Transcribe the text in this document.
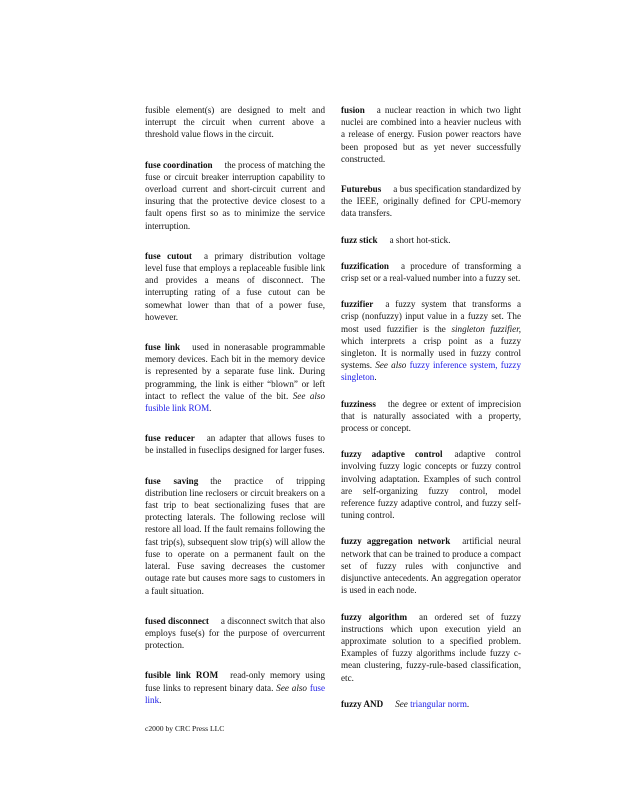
fusible element(s) are designed to melt and interrupt the circuit when current above a threshold value flows in the circuit.

fuse coordination the process of matching the fuse or circuit breaker interruption capability to overload current and short-circuit current and insuring that the protective device closest to a fault opens first so as to minimize the service interruption.

fuse cutout a primary distribution voltage level fuse that employs a replaceable fusible link and provides a means of disconnect. The interrupting rating of a fuse cutout can be somewhat lower than that of a power fuse, however.

fuse link used in nonerasable programmable memory devices. Each bit in the memory device is represented by a separate fuse link. During programming, the link is either “blown” or left intact to reflect the value of the bit. See also fusible link ROM.

fuse reducer an adapter that allows fuses to be installed in fuseclips designed for larger fuses.

fuse saving the practice of tripping distribution line reclosers or circuit breakers on a fast trip to beat sectionalizing fuses that are protecting laterals. The following reclose will restore all load. If the fault remains following the fast trip(s), subsequent slow trip(s) will allow the fuse to operate on a permanent fault on the lateral. Fuse saving decreases the customer outage rate but causes more sags to customers in a fault situation.

fused disconnect a disconnect switch that also employs fuse(s) for the purpose of overcurrent protection.

fusible link ROM read-only memory using fuse links to represent binary data. See also fuse link.

fusion a nuclear reaction in which two light nuclei are combined into a heavier nucleus with a release of energy. Fusion power reactors have been proposed but as yet never successfully constructed.

Futurebus a bus specification standardized by the IEEE, originally defined for CPU-memory data transfers.

fuzz stick a short hot-stick.

fuzzification a procedure of transforming a crisp set or a real-valued number into a fuzzy set.

fuzzifier a fuzzy system that transforms a crisp (nonfuzzy) input value in a fuzzy set. The most used fuzzifier is the singleton fuzzifier, which interprets a crisp point as a fuzzy singleton. It is normally used in fuzzy control systems. See also fuzzy inference system, fuzzy singleton.

fuzziness the degree or extent of imprecision that is naturally associated with a property, process or concept.

fuzzy adaptive control adaptive control involving fuzzy logic concepts or fuzzy control involving adaptation. Examples of such control are self-organizing fuzzy control, model reference fuzzy adaptive control, and fuzzy self-tuning control.

fuzzy aggregation network artificial neural network that can be trained to produce a compact set of fuzzy rules with conjunctive and disjunctive antecedents. An aggregation operator is used in each node.

fuzzy algorithm an ordered set of fuzzy instructions which upon execution yield an approximate solution to a specified problem. Examples of fuzzy algorithms include fuzzy c-mean clustering, fuzzy-rule-based classification, etc.

fuzzy AND See triangular norm.

c2000 by CRC Press LLC
